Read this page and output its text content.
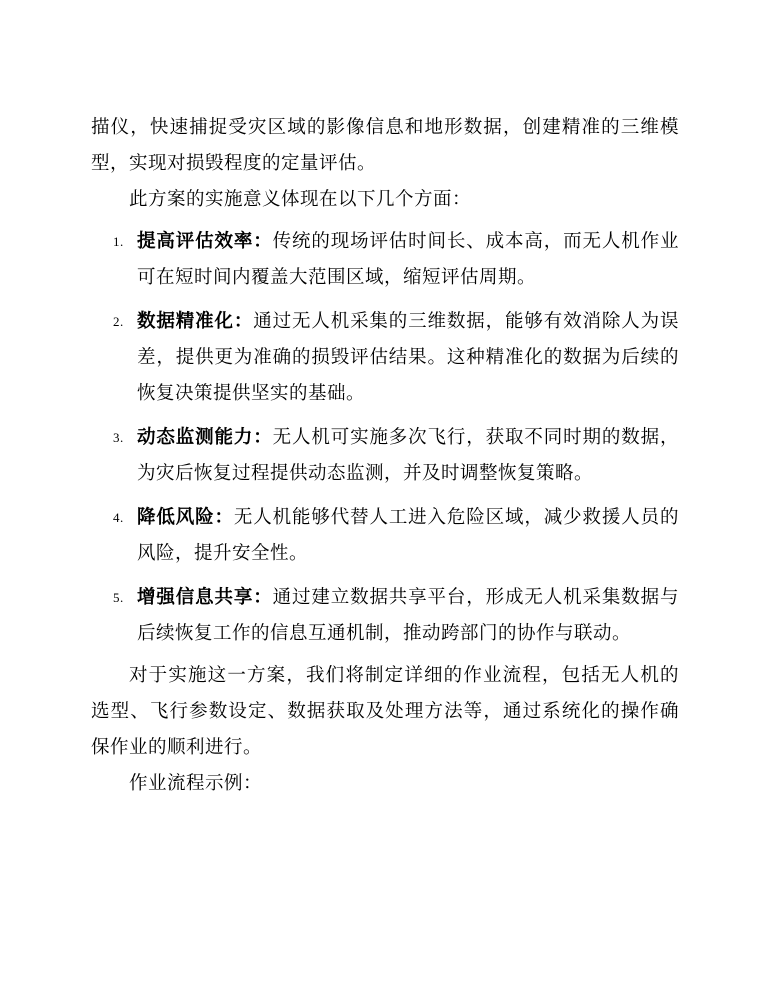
描仪，快速捕捉受灾区域的影像信息和地形数据，创建精准的三维模型，实现对损毁程度的定量评估。

此方案的实施意义体现在以下几个方面：

1. 提高评估效率：传统的现场评估时间长、成本高，而无人机作业可在短时间内覆盖大范围区域，缩短评估周期。
2. 数据精准化：通过无人机采集的三维数据，能够有效消除人为误差，提供更为准确的损毁评估结果。这种精准化的数据为后续的恢复决策提供坚实的基础。
3. 动态监测能力：无人机可实施多次飞行，获取不同时期的数据，为灾后恢复过程提供动态监测，并及时调整恢复策略。
4. 降低风险：无人机能够代替人工进入危险区域，减少救援人员的风险，提升安全性。
5. 增强信息共享：通过建立数据共享平台，形成无人机采集数据与后续恢复工作的信息互通机制，推动跨部门的协作与联动。

对于实施这一方案，我们将制定详细的作业流程，包括无人机的选型、飞行参数设定、数据获取及处理方法等，通过系统化的操作确保作业的顺利进行。

作业流程示例：
